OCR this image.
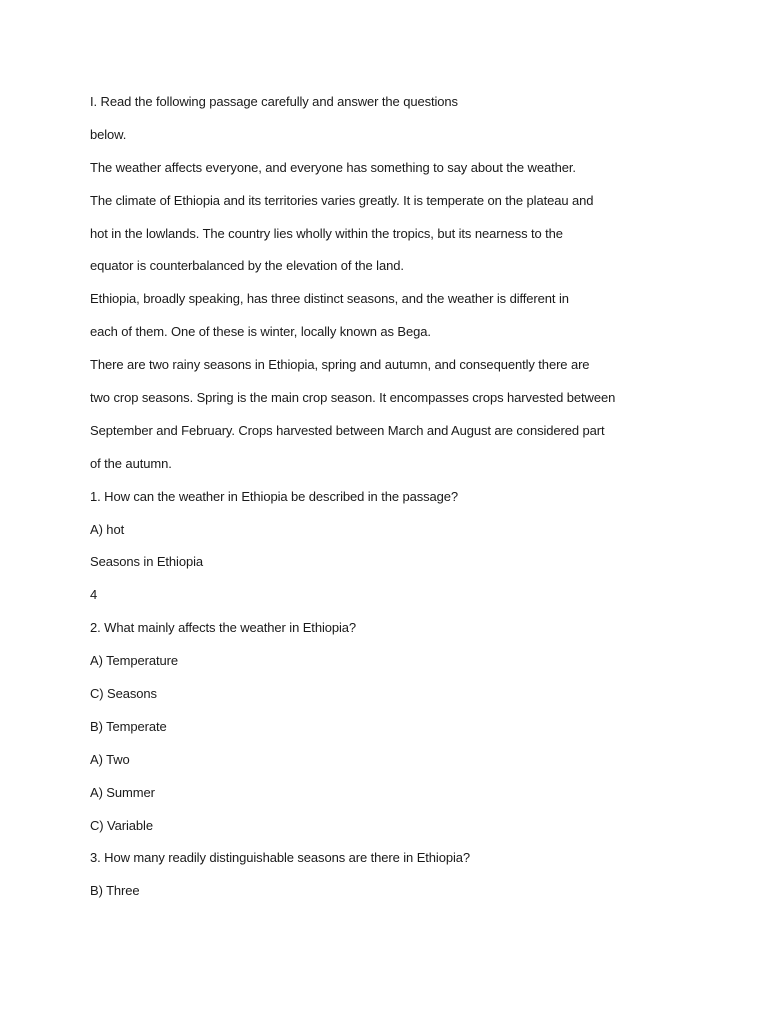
I. Read the following passage carefully and answer the questions
below.
The weather affects everyone, and everyone has something to say about the weather.
The climate of Ethiopia and its territories varies greatly. It is temperate on the plateau and
hot in the lowlands. The country lies wholly within the tropics, but its nearness to the
equator is counterbalanced by the elevation of the land.
Ethiopia, broadly speaking, has three distinct seasons, and the weather is different in
each of them. One of these is winter, locally known as Bega.
There are two rainy seasons in Ethiopia, spring and autumn, and consequently there are
two crop seasons. Spring is the main crop season. It encompasses crops harvested between
September and February. Crops harvested between March and August are considered part
of the autumn.
1. How can the weather in Ethiopia be described in the passage?
A) hot
Seasons in Ethiopia
4
2. What mainly affects the weather in Ethiopia?
A) Temperature
C) Seasons
B) Temperate
A) Two
A) Summer
C) Variable
3. How many readily distinguishable seasons are there in Ethiopia?
B) Three
